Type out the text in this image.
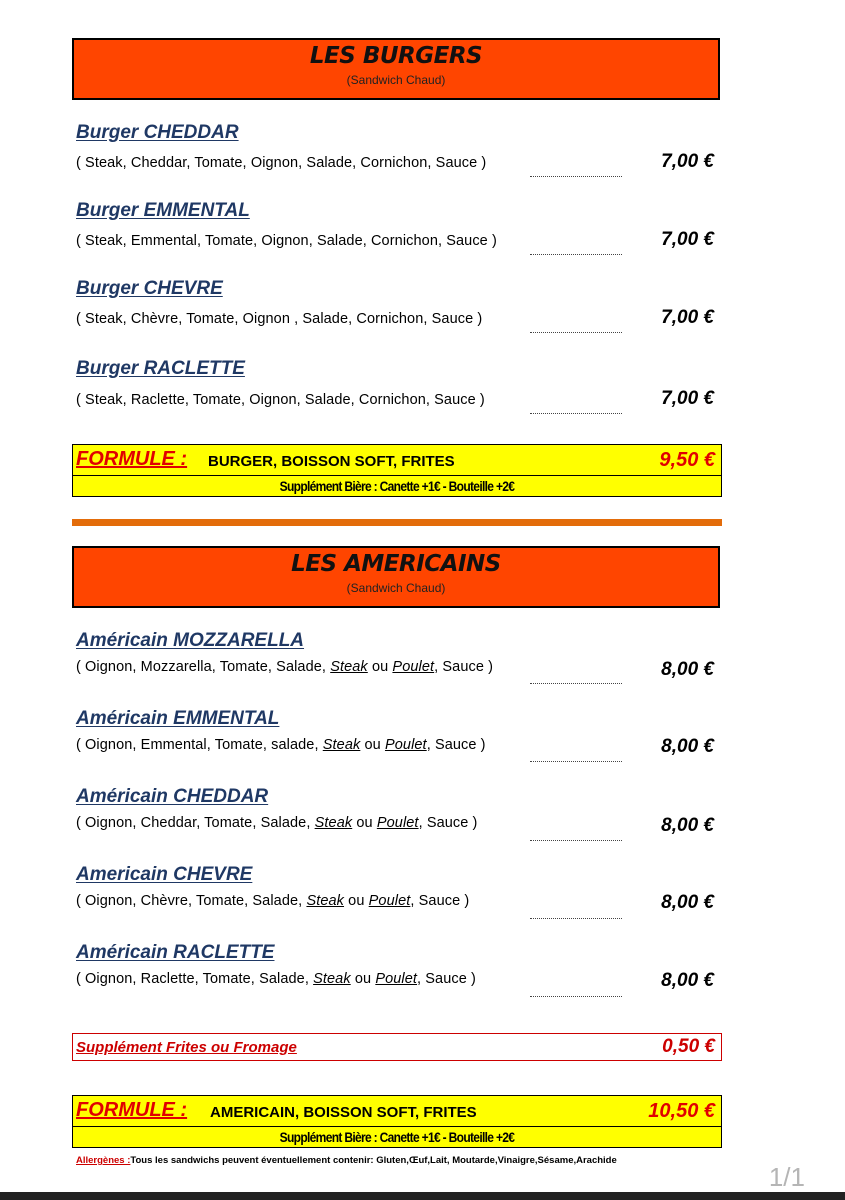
LES BURGERS
(Sandwich Chaud)
Burger CHEDDAR
( Steak, Cheddar, Tomate, Oignon, Salade, Cornichon, Sauce )	7,00 €
Burger EMMENTAL
( Steak, Emmental, Tomate, Oignon, Salade, Cornichon, Sauce )	7,00 €
Burger CHEVRE
( Steak, Chèvre, Tomate, Oignon , Salade, Cornichon, Sauce )	7,00 €
Burger RACLETTE
( Steak, Raclette, Tomate, Oignon, Salade, Cornichon, Sauce )	7,00 €
FORMULE : BURGER, BOISSON SOFT, FRITES	9,50 €
Supplément Bière : Canette +1€ - Bouteille +2€
LES AMERICAINS
(Sandwich Chaud)
Américain MOZZARELLA
( Oignon, Mozzarella, Tomate, Salade, Steak ou Poulet, Sauce )	8,00 €
Américain EMMENTAL
( Oignon, Emmental, Tomate, salade, Steak ou Poulet, Sauce )	8,00 €
Américain CHEDDAR
( Oignon, Cheddar, Tomate, Salade, Steak ou Poulet, Sauce )	8,00 €
Americain CHEVRE
( Oignon, Chèvre, Tomate, Salade, Steak ou Poulet, Sauce )	8,00 €
Américain RACLETTE
( Oignon, Raclette, Tomate, Salade, Steak ou Poulet, Sauce )	8,00 €
Supplément Frites ou Fromage	0,50 €
FORMULE : AMERICAIN, BOISSON SOFT, FRITES	10,50 €
Supplément Bière : Canette +1€ - Bouteille +2€
Allergènes :Tous les sandwichs peuvent éventuellement contenir: Gluten,Œuf,Lait, Moutarde,Vinaigre,Sésame,Arachide
1/1
